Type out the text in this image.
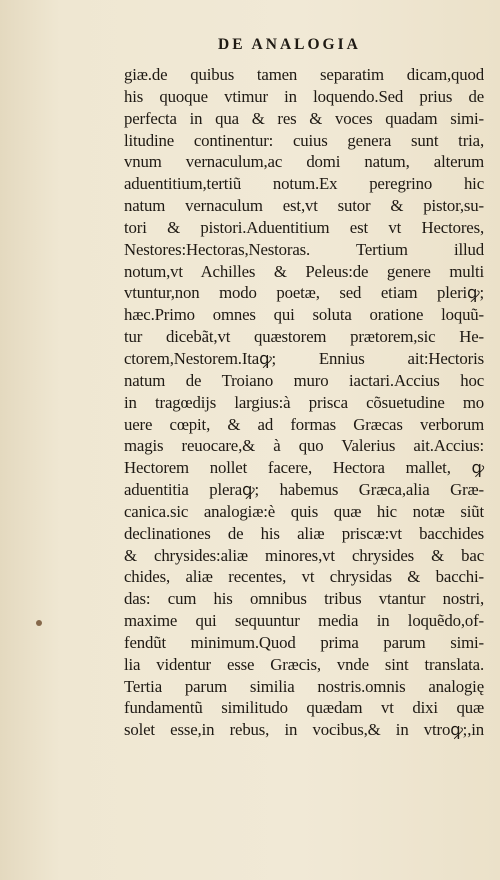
DE ANALOGIA
giæ.de quibus tamen separatim dicam,quod
his quoque vtimur in loquendo.Sed prius de
perfecta in qua & res & voces quadam simi-
litudine continentur: cuius genera sunt tria,
vnum vernaculum,ac domi natum, alterum
aduentitium,tertiũ notum.Ex peregrino hic
natum vernaculum est,vt sutor & pistor,su-
tori & pistori.Aduentitium est vt Hectores,
Nestores:Hectoras,Nestoras. Tertium illud
notum,vt Achilles & Peleus:de genere multi
vtuntur,non modo poetæ, sed etiam pleriꝙ;
hæc.Primo omnes qui soluta oratione loquũ-
tur dicebãt,vt quæstorem prætorem,sic He-
ctorem,Nestorem.Itaꝙ; Ennius ait:Hectoris
natum de Troiano muro iactari.Accius hoc
in tragœdijs largius:à prisca cõsuetudine mo
uere cœpit, & ad formas Græcas verborum
magis reuocare,& à quo Valerius ait.Accius:
Hectorem nollet facere, Hectora mallet, ꝙ
aduentitia pleraꝙ; habemus Græca,alia Græ-
canica.sic analogiæ:è quis quæ hic notæ siũt
declinationes de his aliæ priscæ:vt bacchides
& chrysides:aliæ minores,vt chrysides & bac
chides, aliæ recentes, vt chrysidas & bacchi-
das: cum his omnibus tribus vtantur nostri,
maxime qui sequuntur media in loquẽdo,of-
fendũt minimum.Quod prima parum simi-
lia videntur esse Græcis, vnde sint translata.
Tertia parum similia nostris.omnis analogię
fundamentũ similitudo quædam vt dixi quæ
solet esse,in rebus, in vocibus,& in vtroꝙ;,in
